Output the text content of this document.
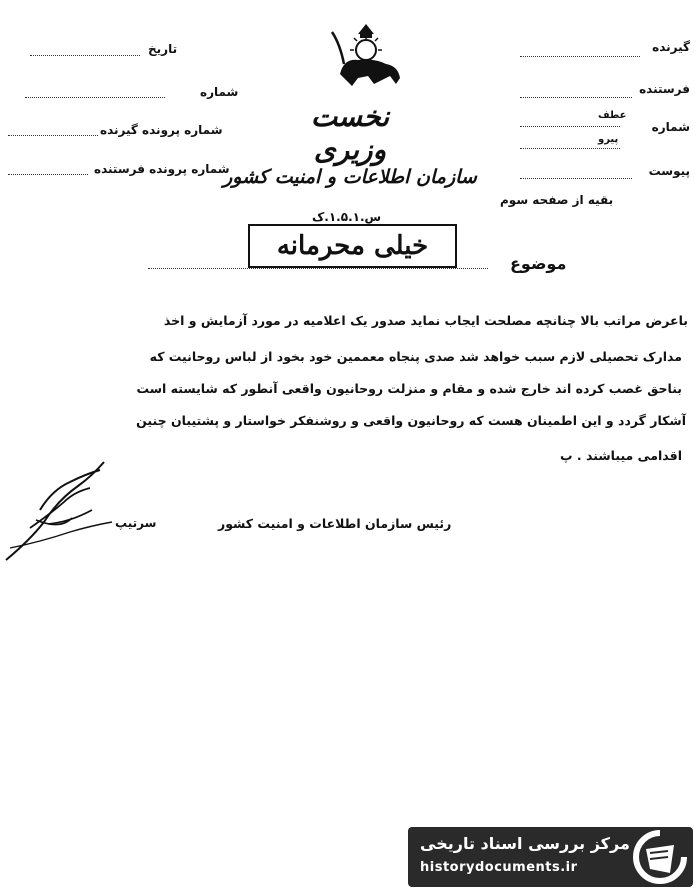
گیرنده
فرستنده
شماره
عطف
پیرو
پیوست
بقیه از صفحه سوم
تاریخ
شماره
شماره پرونده گیرنده
شماره پرونده فرستنده
نخست وزیری
سازمان اطلاعات و امنیت کشور
س.۱.۵.۱.ک
خیلی محرمانه
موضوع
باعرض مراتب بالا چنانچه مصلحت ایجاب نماید صدور یک اعلامیه در مورد آزمایش و اخذ
مدارک تحصیلی لازم سبب خواهد شد صدی پنجاه معممین خود بخود از لباس روحانیت که
بناحق غصب کرده اند خارج شده و مقام و منزلت روحانیون واقعی آنطور که شایسته است
آشکار گردد و این اطمینان هست که روحانیون واقعی و روشنفکر خواستار و پشتیبان چنین
اقدامی میباشند . پ
رئیس سازمان اطلاعات و امنیت کشور
سرتیپ
مرکز بررسی اسناد تاریخی
historydocuments.ir
